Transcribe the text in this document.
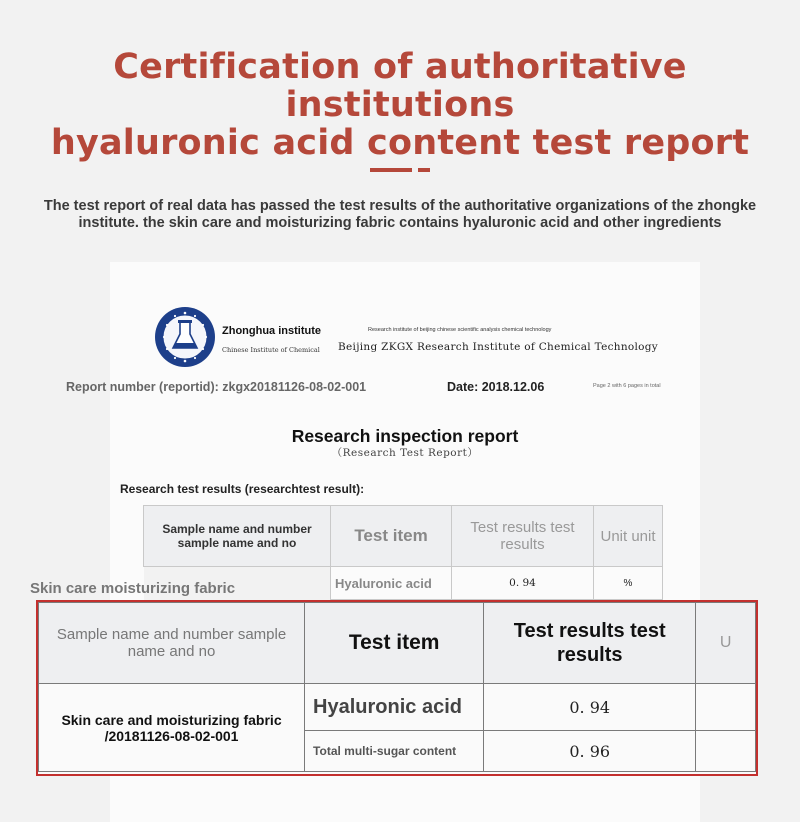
Certification of authoritative institutions
hyaluronic acid content test report
The test report of real data has passed the test results of the authoritative organizations of the zhongke institute. the skin care and moisturizing fabric contains hyaluronic acid and other ingredients
Zhonghua institute
Chinese Institute of Chemical
Research institute of beijing chinese scientific analysis chemical technology
Beijing ZKGX Research Institute of Chemical Technology
Report number (reportid): zkgx20181126-08-02-001	Date: 2018.12.06	Page 2 with 6 pages in total
Research inspection report
（Research Test Report）
Research test results (researchtest result):
Sample name and number sample name and no	Test item	Test results test results	Unit unit
	Hyaluronic acid	0. 94	%
Skin care moisturizing fabric
Sample name and number sample name and no	Test item	Test results test results	U
Skin care and moisturizing fabric /20181126-08-02-001	Hyaluronic acid	0. 94	
	Total multi-sugar content	0. 96	
